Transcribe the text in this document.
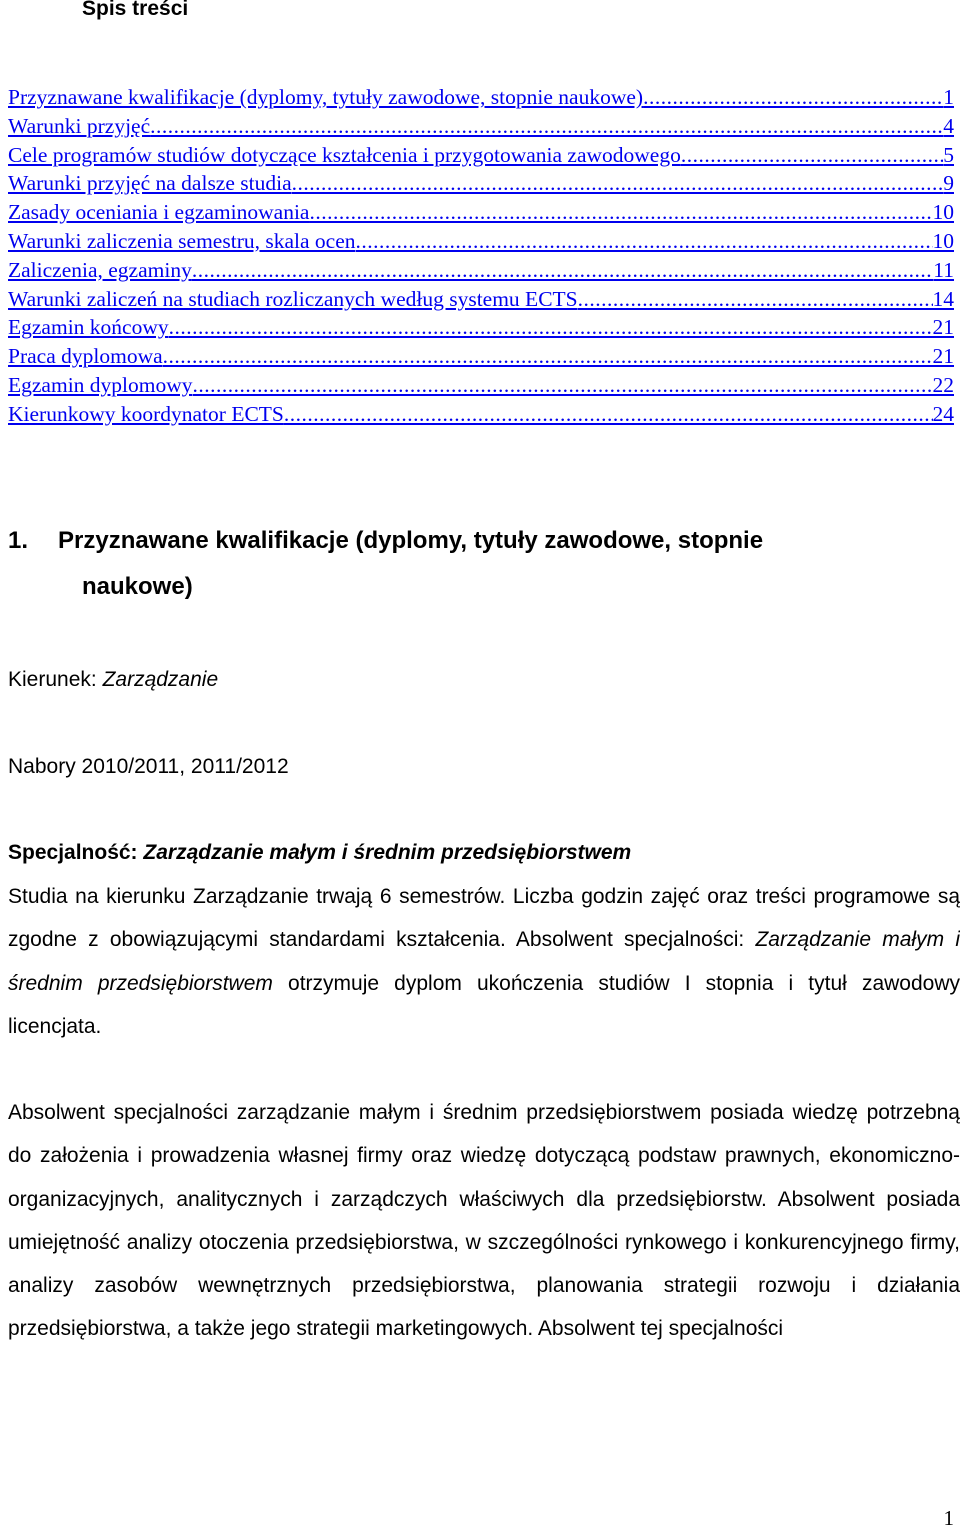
Spis treści
Przyznawane kwalifikacje (dyplomy, tytuły zawodowe, stopnie naukowe) .....	1
Warunki przyjęć .....	4
Cele programów studiów dotyczące kształcenia i przygotowania zawodowego .....	5
Warunki przyjęć na dalsze studia .....	9
Zasady oceniania i egzaminowania .....	10
Warunki zaliczenia semestru, skala ocen .....	10
Zaliczenia, egzaminy .....	11
Warunki zaliczeń na studiach rozliczanych według systemu ECTS .....	14
Egzamin końcowy .....	21
Praca dyplomowa .....	21
Egzamin dyplomowy .....	22
Kierunkowy koordynator ECTS .....	24
1. Przyznawane kwalifikacje (dyplomy, tytuły zawodowe, stopnie
naukowe)

Kierunek: Zarządzanie

Nabory 2010/2011, 2011/2012

Specjalność: Zarządzanie małym i średnim przedsiębiorstwem

Studia na kierunku Zarządzanie trwają 6 semestrów. Liczba godzin zajęć oraz treści programowe są zgodne z obowiązującymi standardami kształcenia. Absolwent specjalności: Zarządzanie małym i średnim przedsiębiorstwem otrzymuje dyplom ukończenia studiów I stopnia i tytuł zawodowy licencjata.

Absolwent specjalności zarządzanie małym i średnim przedsiębiorstwem posiada wiedzę potrzebną do założenia i prowadzenia własnej firmy oraz wiedzę dotyczącą podstaw prawnych, ekonomiczno-organizacyjnych, analitycznych i zarządczych właściwych dla przedsiębiorstw. Absolwent posiada umiejętność analizy otoczenia przedsiębiorstwa, w szczególności rynkowego i konkurencyjnego firmy, analizy zasobów wewnętrznych przedsiębiorstwa, planowania strategii rozwoju i działania przedsiębiorstwa, a także jego strategii marketingowych. Absolwent tej specjalności

1
